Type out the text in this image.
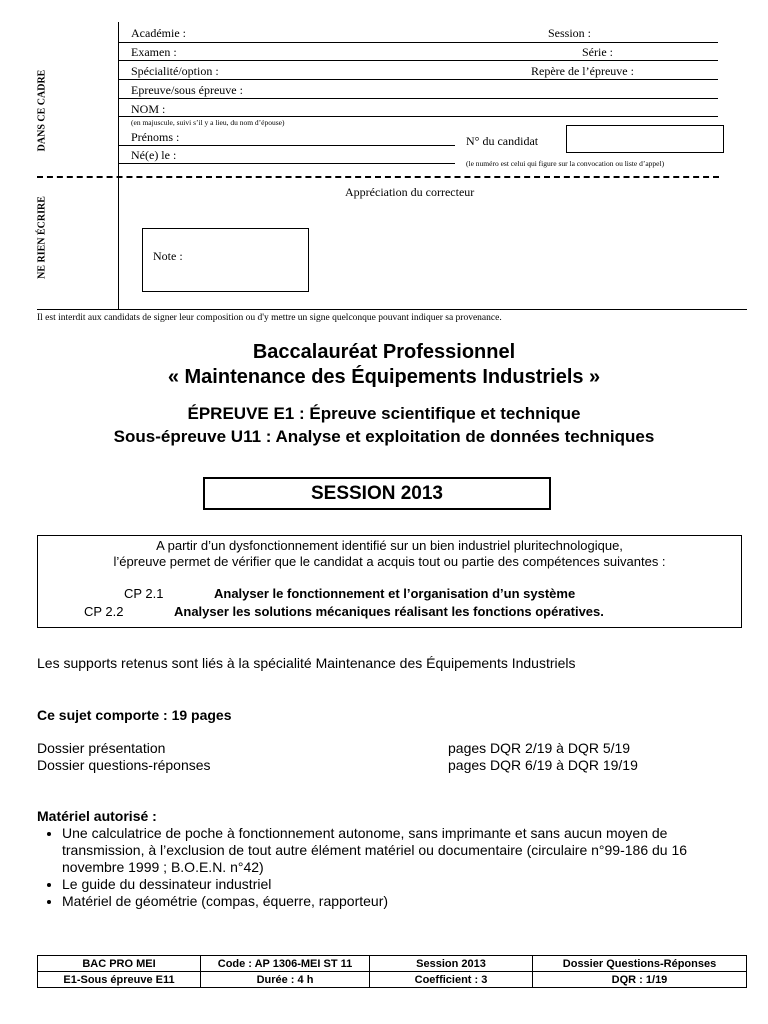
DANS CE CADRE
NE RIEN ÉCRIRE
Académie :	Session :
Examen :	Série :
Spécialité/option :	Repère de l’épreuve :
Epreuve/sous épreuve :
NOM :
(en majuscule, suivi s’il y a lieu, du nom d’épouse)
Prénoms :	N° du candidat
Né(e) le :
(le numéro est celui qui figure sur la convocation ou liste d’appel)
Appréciation du correcteur
Note :
Il est interdit aux candidats de signer leur composition ou d'y mettre un signe quelconque pouvant indiquer sa provenance.
Baccalauréat Professionnel
« Maintenance des Équipements Industriels »
ÉPREUVE E1 : Épreuve scientifique et technique
Sous-épreuve U11 : Analyse et exploitation de données techniques
SESSION 2013
A partir d’un dysfonctionnement identifié sur un bien industriel pluritechnologique,
l’épreuve permet de vérifier que le candidat a acquis tout ou partie des compétences suivantes :
CP 2.1	Analyser le fonctionnement et l’organisation d’un système
CP 2.2	Analyser les solutions mécaniques réalisant les fonctions opératives.
Les supports retenus sont liés à la spécialité Maintenance des Équipements Industriels
Ce sujet comporte : 19 pages
Dossier présentation	pages DQR 2/19 à DQR 5/19
Dossier questions-réponses	pages DQR 6/19 à DQR 19/19
Matériel autorisé :
• Une calculatrice de poche à fonctionnement autonome, sans imprimante et sans aucun moyen de transmission, à l’exclusion de tout autre élément matériel ou documentaire (circulaire n°99-186 du 16 novembre 1999 ; B.O.E.N. n°42)
• Le guide du dessinateur industriel
• Matériel de géométrie (compas, équerre, rapporteur)
BAC PRO MEI	Code : AP 1306-MEI ST 11	Session 2013	Dossier Questions-Réponses
E1-Sous épreuve E11	Durée : 4 h	Coefficient : 3	DQR : 1/19
